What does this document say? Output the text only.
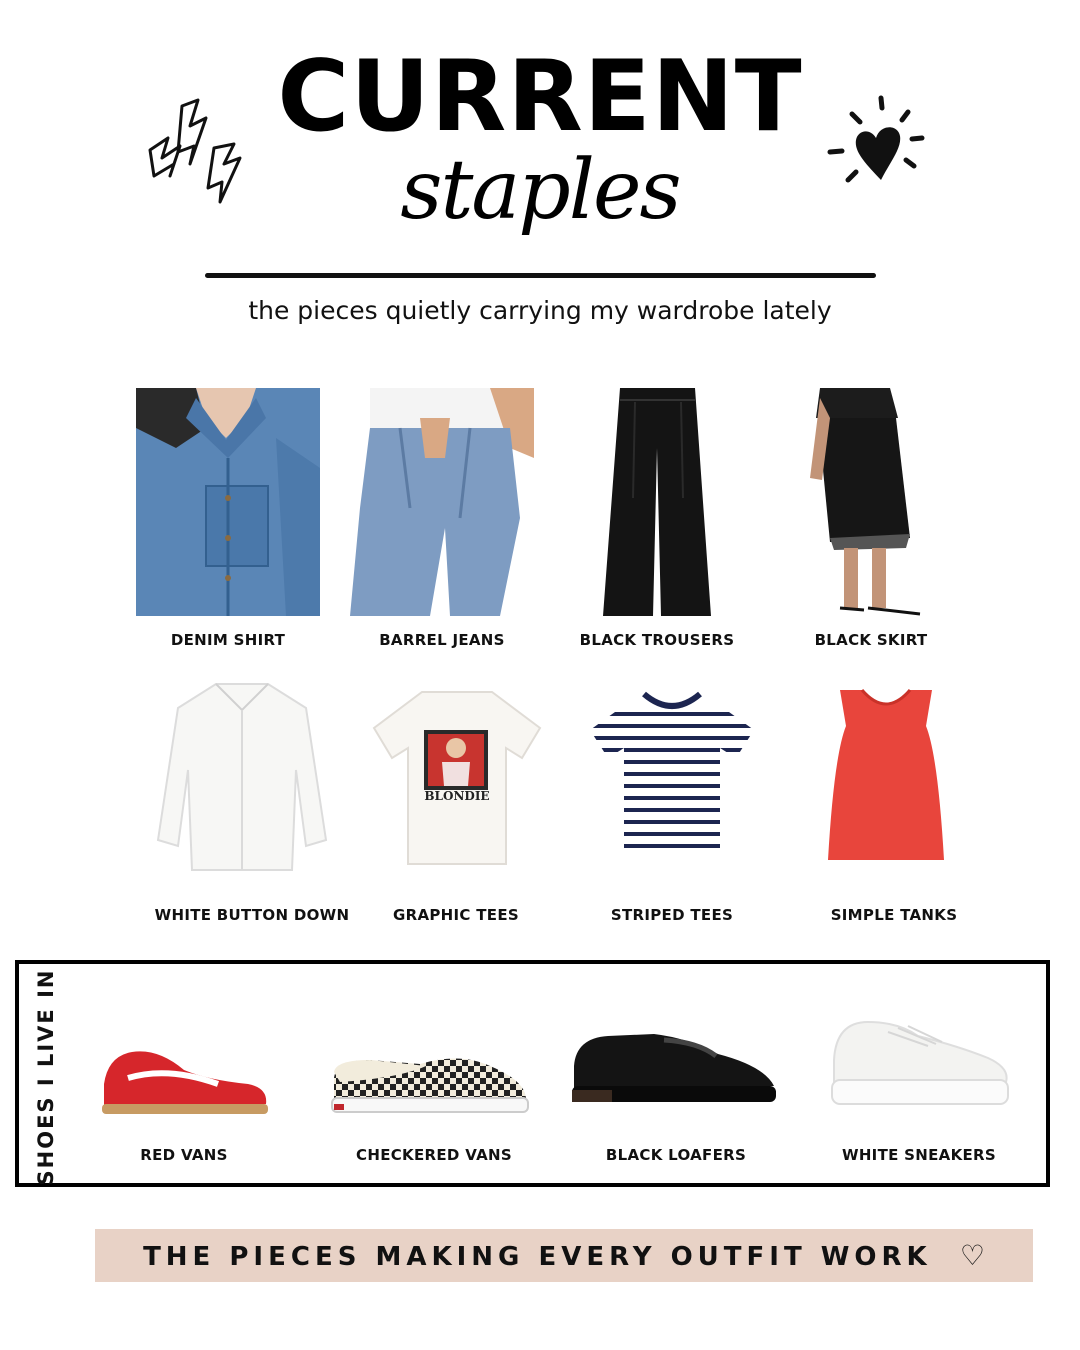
CURRENT
staples
the pieces quietly carrying my wardrobe lately
DENIM SHIRT	BARREL JEANS	BLACK TROUSERS	BLACK SKIRT
BLONDIE
WHITE BUTTON DOWN	GRAPHIC TEES	STRIPED TEES	SIMPLE TANKS
SHOES I LIVE IN	RED VANS	CHECKERED VANS	BLACK LOAFERS	WHITE SNEAKERS
THE PIECES MAKING EVERY OUTFIT WORK ♡
